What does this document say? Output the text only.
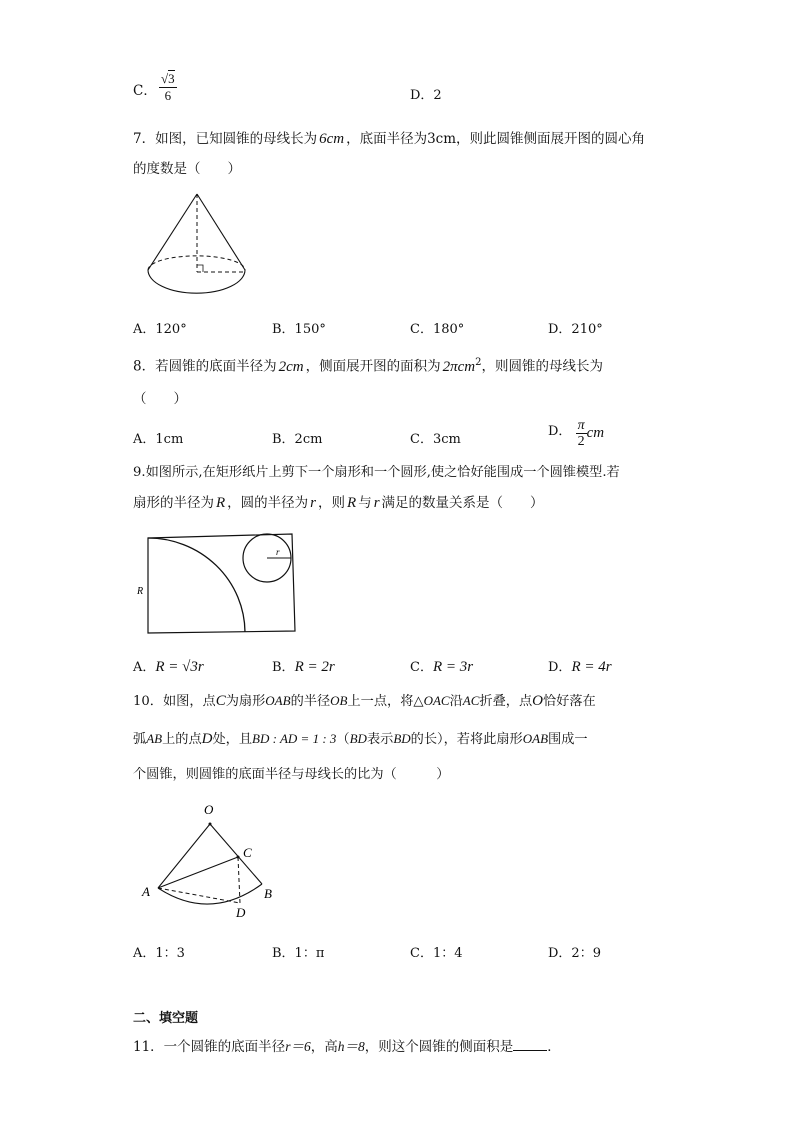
C．
√3
6	D．2
7．如图，已知圆锥的母线长为 6cm ，底面半径为3cm，则此圆锥侧面展开图的圆心角
的度数是（　　）
A．120°	B．150°	C．180°	D．210°
8．若圆锥的底面半径为 2cm ，侧面展开图的面积为 2πcm$^2$，则圆锥的母线长为
（　　）
A．1cm	B．2cm	C．3cm
D． $\frac{\pi}{2}$ cm
9.如图所示,在矩形纸片上剪下一个扇形和一个圆形,使之恰好能围成一个圆锥模型.若
扇形的半径为 R ，圆的半径为 r ，则 R 与 r 满足的数量关系是（　　）
r
R
A．R = √3r	B．R = 2r	C．R = 3r	D．R = 4r
10．如图，点C为扇形OAB的半径OB上一点，将△OAC沿AC折叠，点O恰好落在
弧AB上的点D处，且BD : AD = 1 : 3（BD表示BD的长），若将此扇形OAB围成一
个圆锥，则圆锥的底面半径与母线长的比为（　　　）
O
C
A	B
D
A．1：3	B．1：π	C．1：4	D．2：9
二、填空题
11．一个圆锥的底面半径r＝6，高h＝8，则这个圆锥的侧面积是	．
